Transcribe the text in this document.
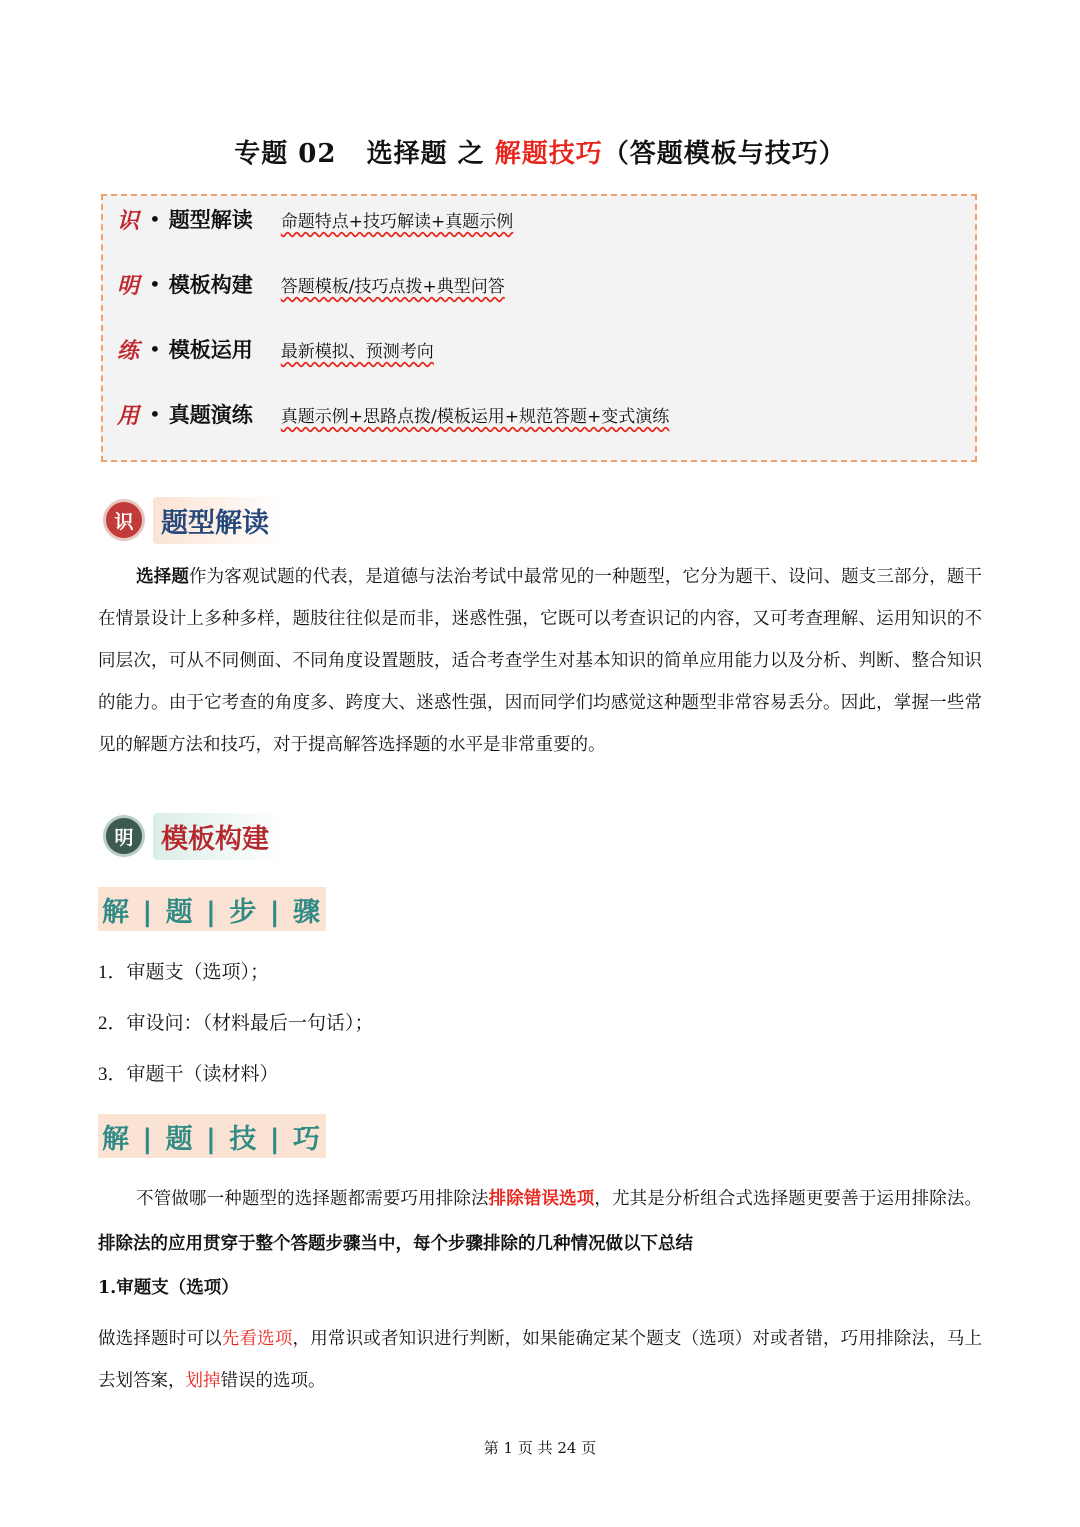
专题 02 选择题 之 解题技巧（答题模板与技巧）
识 • 题型解读	命题特点+技巧解读+真题示例
明 • 模板构建	答题模板/技巧点拨+典型问答
练 • 模板运用	最新模拟、预测考向
用 • 真题演练	真题示例+思路点拨/模板运用+规范答题+变式演练
识	题型解读
选择题作为客观试题的代表，是道德与法治考试中最常见的一种题型，它分为题干、设问、题支三部分，题干在情景设计上多种多样，题肢往往似是而非，迷惑性强，它既可以考查识记的内容，又可考查理解、运用知识的不同层次，可从不同侧面、不同角度设置题肢，适合考查学生对基本知识的简单应用能力以及分析、判断、整合知识的能力。由于它考查的角度多、跨度大、迷惑性强，因而同学们均感觉这种题型非常容易丢分。因此，掌握一些常见的解题方法和技巧，对于提高解答选择题的水平是非常重要的。
明	模板构建
解 | 题 | 步 | 骤
1．审题支（选项）；
2．审设问：（材料最后一句话）；
3．审题干（读材料）
解 | 题 | 技 | 巧
不管做哪一种题型的选择题都需要巧用排除法排除错误选项，尤其是分析组合式选择题更要善于运用排除法。排除法的应用贯穿于整个答题步骤当中，每个步骤排除的几种情况做以下总结
1.审题支（选项）
做选择题时可以先看选项，用常识或者知识进行判断，如果能确定某个题支（选项）对或者错，巧用排除法，马上去划答案，划掉错误的选项。
第 1 页 共 24 页
